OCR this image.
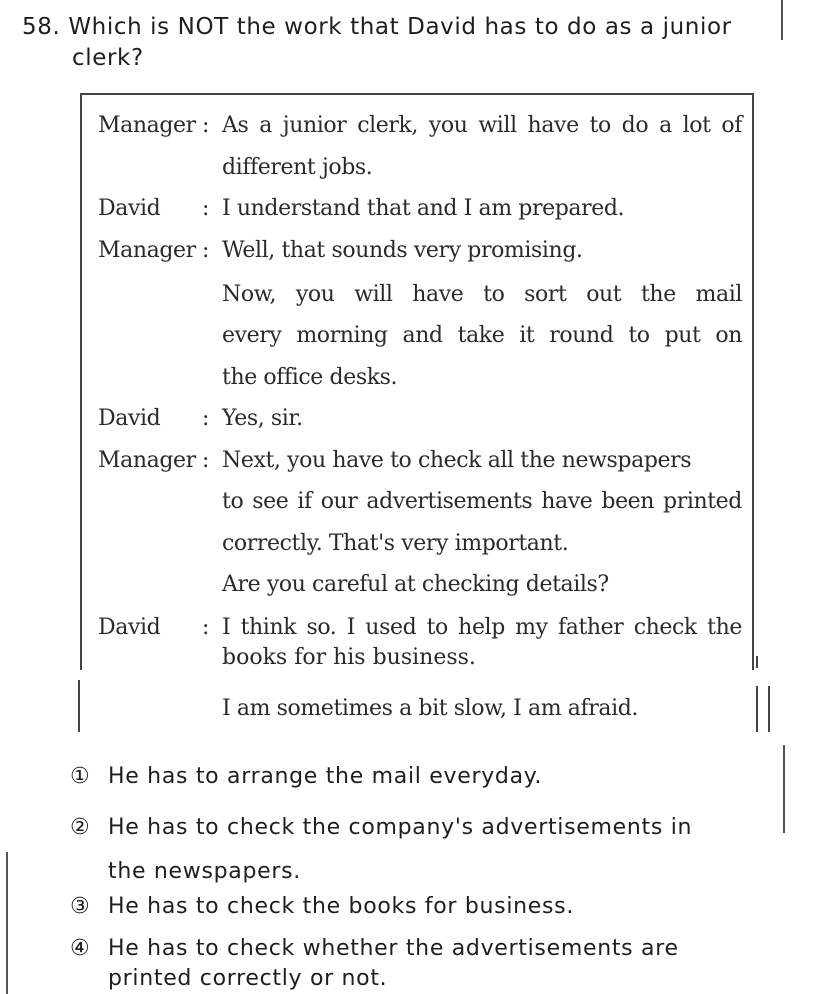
58. Which is NOT the work that David has to do as a junior
clerk?
Manager : As a junior clerk, you will have to do a lot of
different jobs.
David : I understand that and I am prepared.
Manager : Well, that sounds very promising.
Now, you will have to sort out the mail
every morning and take it round to put on
the office desks.
David : Yes, sir.
Manager : Next, you have to check all the newspapers
to see if our advertisements have been printed
correctly. That's very important.
Are you careful at checking details?
David : I think so. I used to help my father check the
books for his business.
I am sometimes a bit slow, I am afraid.
① He has to arrange the mail everyday.
② He has to check the company's advertisements in
the newspapers.
③ He has to check the books for business.
④ He has to check whether the advertisements are
printed correctly or not.
